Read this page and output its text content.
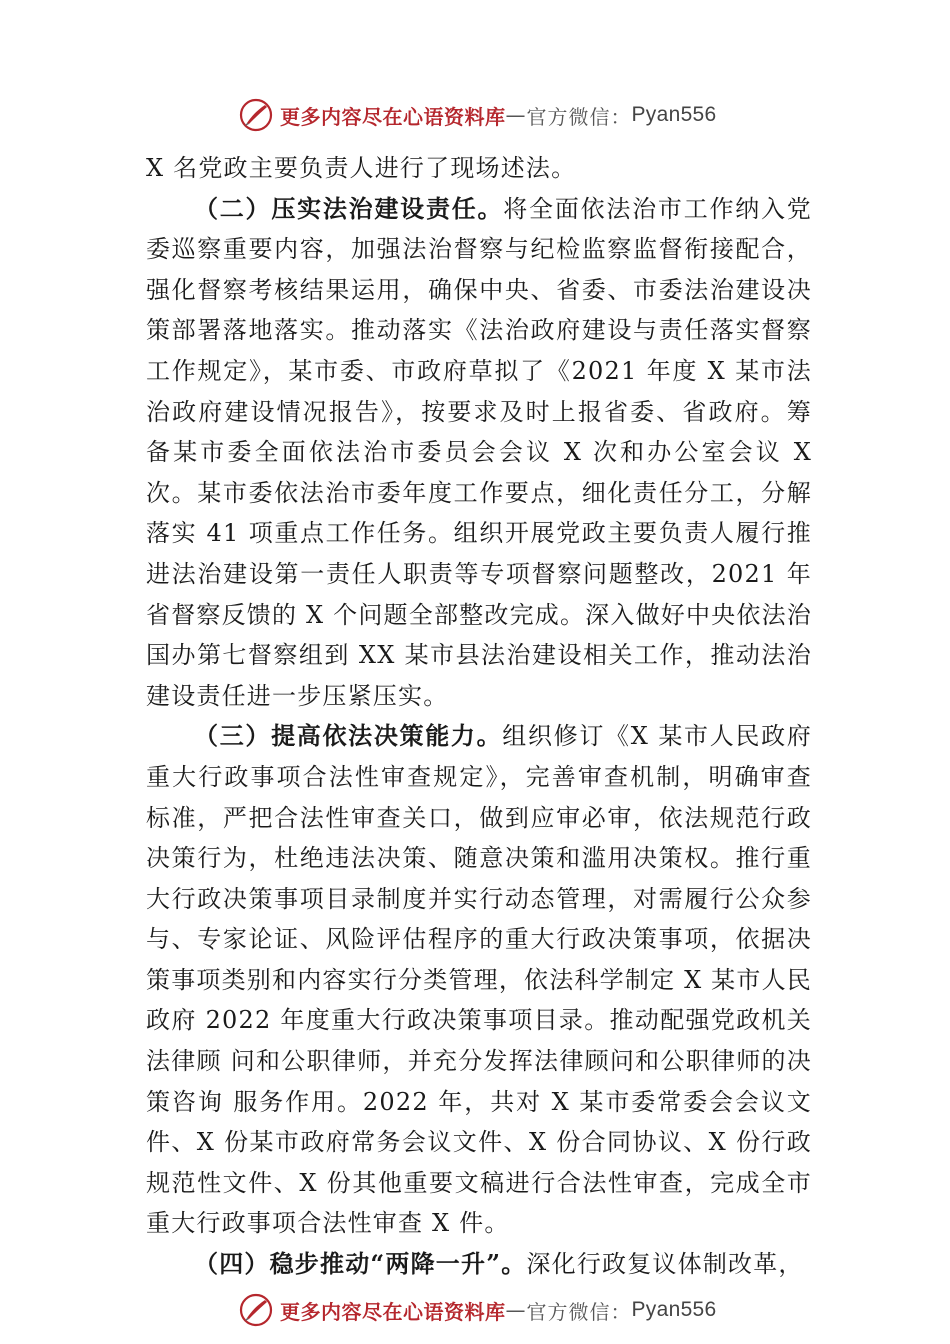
更多内容尽在心语资料库 — 官方微信： Pyan556

X 名党政主要负责人进行了现场述法。

（二）压实法治建设责任。将全面依法治市工作纳入党委巡察重要内容，加强法治督察与纪检监察监督衔接配合， 强化督察考核结果运用，确保中央、省委、市委法治建设决策部署落地落实。推动落实《法治政府建设与责任落实督察工作规定》，某市委、市政府草拟了《2021 年度 X 某市法治政府建设情况报告》，按要求及时上报省委、省政府。筹备某市委全面依法治市委员会会议 X 次和办公室会议 X 次。某市委依法治市委年度工作要点，细化责任分工，分解落实 41 项重点工作任务。组织开展党政主要负责人履行推进法治建设第一责任人职责等专项督察问题整改，2021 年省督察反馈的 X 个问题全部整改完成。深入做好中央依法治国办第七督察组到 XX 某市县法治建设相关工作，推动法治建设责任进一步压紧压实。

（三）提高依法决策能力。组织修订《X 某市人民政府重大行政事项合法性审查规定》，完善审查机制，明确审查标准，严把合法性审查关口，做到应审必审，依法规范行政决策行为，杜绝违法决策、随意决策和滥用决策权。推行重大行政决策事项目录制度并实行动态管理，对需履行公众参与、专家论证、风险评估程序的重大行政决策事项，依据决策事项类别和内容实行分类管理，依法科学制定 X 某市人民政府 2022 年度重大行政决策事项目录。推动配强党政机关法律顾 问和公职律师，并充分发挥法律顾问和公职律师的决策咨询 服务作用。2022 年，共对 X 某市委常委会会议文件、X 份某市政府常务会议文件、X 份合同协议、X 份行政规范性文件、X 份其他重要文稿进行合法性审查，完成全市重大行政事项合法性审查 X 件。

（四）稳步推动“两降一升”。深化行政复议体制改革，

更多内容尽在心语资料库 — 官方微信： Pyan556
